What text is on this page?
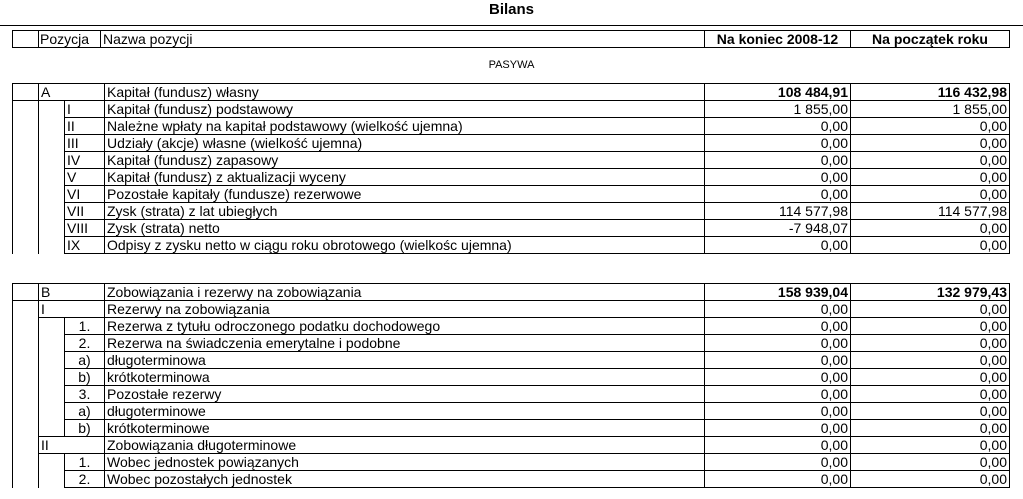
Bilans
	Pozycja	Nazwa pozycji	Na koniec 2008-12	Na początek roku
PASYWA
	A		Kapitał (fundusz) własny	108 484,91	116 432,98
		I	Kapitał (fundusz) podstawowy	1 855,00	1 855,00
		II	Należne wpłaty na kapitał podstawowy (wielkość ujemna)	0,00	0,00
		III	Udziały (akcje) własne (wielkość ujemna)	0,00	0,00
		IV	Kapitał (fundusz) zapasowy	0,00	0,00
		V	Kapitał (fundusz) z aktualizacji wyceny	0,00	0,00
		VI	Pozostałe kapitały (fundusze) rezerwowe	0,00	0,00
		VII	Zysk (strata) z lat ubiegłych	114 577,98	114 577,98
		VIII	Zysk (strata) netto	-7 948,07	0,00
		IX	Odpisy z zysku netto w ciągu roku obrotowego (wielkośc ujemna)	0,00	0,00
	B		Zobowiązania i rezerwy na zobowiązania	158 939,04	132 979,43
	I		Rezerwy na zobowiązania	0,00	0,00
		1.	Rezerwa z tytułu odroczonego podatku dochodowego	0,00	0,00
		2.	Rezerwa na świadczenia emerytalne i podobne	0,00	0,00
		a)	długoterminowa	0,00	0,00
		b)	krótkoterminowa	0,00	0,00
		3.	Pozostałe rezerwy	0,00	0,00
		a)	długoterminowe	0,00	0,00
		b)	krótkoterminowe	0,00	0,00
	II		Zobowiązania długoterminowe	0,00	0,00
		1.	Wobec jednostek powiązanych	0,00	0,00
		2.	Wobec pozostałych jednostek	0,00	0,00
